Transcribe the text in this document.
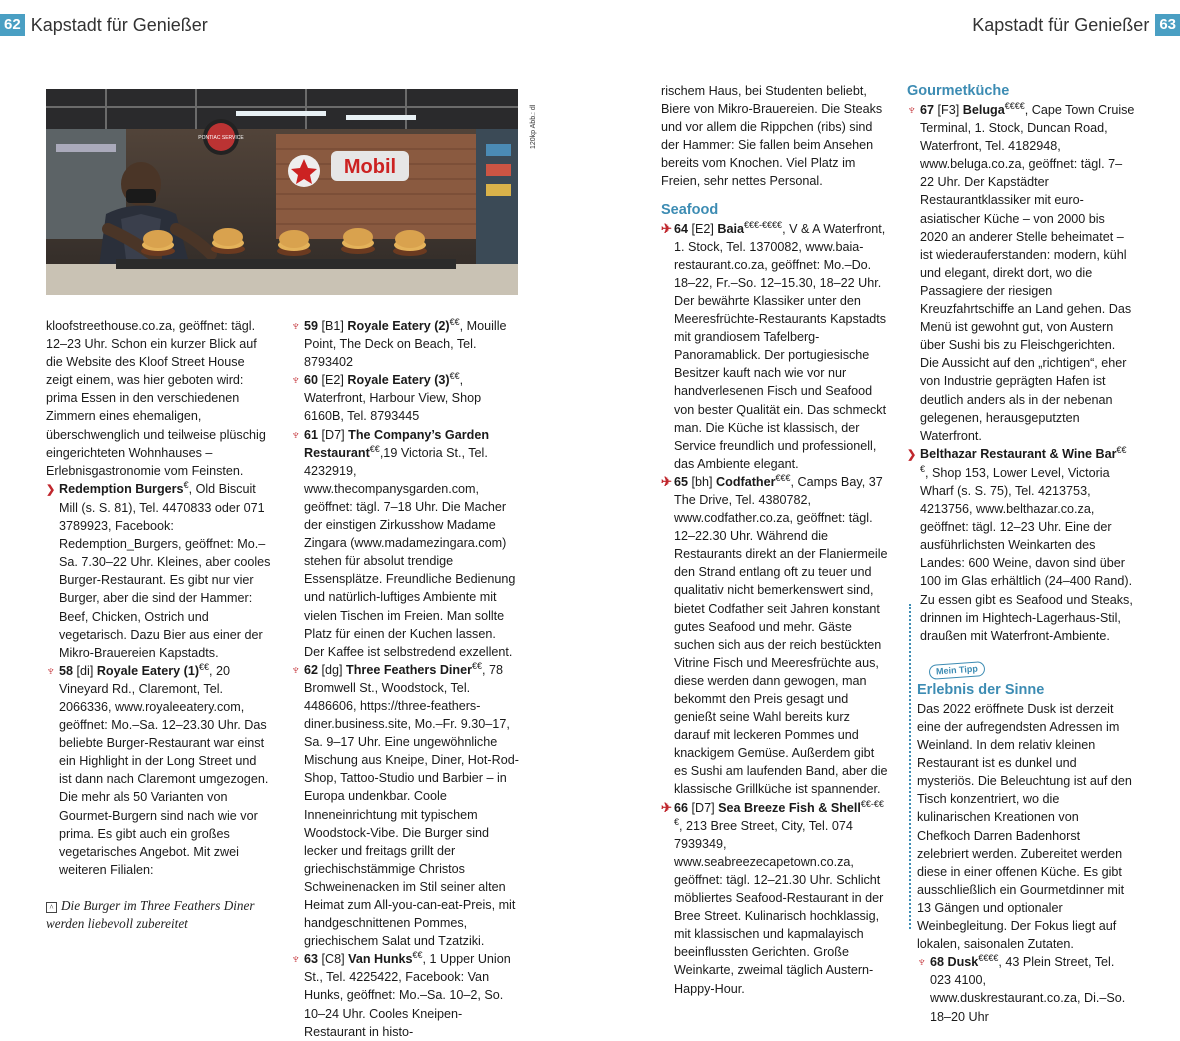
62 Kapstadt für Genießer	Kapstadt für Genießer 63
PONTIAC SERVICE
Mobil
120kp Abb.: dl
^ Die Burger im Three Feathers Diner werden liebevoll zubereitet

kloofstreethouse.co.za, geöffnet: tägl. 12–23 Uhr. Schon ein kurzer Blick auf die Website des Kloof Street House zeigt einem, was hier geboten wird: prima Essen in den verschiedenen Zimmern eines ehemaligen, überschwenglich und teilweise plüschig eingerichteten Wohnhauses – Erlebnisgastronomie vom Feinsten.

❯ Redemption Burgers€, Old Biscuit Mill (s. S. 81), Tel. 4470833 oder 071 3789923, Facebook: Redemption_Burgers, geöffnet: Mo.–Sa. 7.30–22 Uhr. Kleines, aber cooles Burger-Restaurant. Es gibt nur vier Burger, aber die sind der Hammer: Beef, Chicken, Ostrich und vegetarisch. Dazu Bier aus einer der Mikro-Brauereien Kapstadts.

♆ 58 [di] Royale Eatery (1)€€, 20 Vineyard Rd., Claremont, Tel. 2066336, www.royaleeatery.com, geöffnet: Mo.–Sa. 12–23.30 Uhr. Das beliebte Burger-Restaurant war einst ein Highlight in der Long Street und ist dann nach Claremont umgezogen. Die mehr als 50 Varianten von Gourmet-Burgern sind nach wie vor prima. Es gibt auch ein großes vegetarisches Angebot. Mit zwei weiteren Filialen:

♆ 59 [B1] Royale Eatery (2)€€, Mouille Point, The Deck on Beach, Tel. 8793402

♆ 60 [E2] Royale Eatery (3)€€, Waterfront, Harbour View, Shop 6160B, Tel. 8793445

♆ 61 [D7] The Company’s Garden Restaurant€€,19 Victoria St., Tel. 4232919, www.thecompanysgarden.com, geöffnet: tägl. 7–18 Uhr. Die Macher der einstigen Zirkusshow Madame Zingara (www.madamezingara.com) stehen für absolut trendige Essensplätze. Freundliche Bedienung und natürlich-luftiges Ambiente mit vielen Tischen im Freien. Man sollte Platz für einen der Kuchen lassen. Der Kaffee ist selbstredend exzellent.

♆ 62 [dg] Three Feathers Diner€€, 78 Bromwell St., Woodstock, Tel. 4486606, https://three-feathers-diner.business.site, Mo.–Fr. 9.30–17, Sa. 9–17 Uhr. Eine ungewöhnliche Mischung aus Kneipe, Diner, Hot-Rod-Shop, Tattoo-Studio und Barbier – in Europa undenkbar. Coole Inneneinrichtung mit typischem Woodstock-Vibe. Die Burger sind lecker und freitags grillt der griechischstämmige Christos Schweinenacken im Stil seiner alten Heimat zum All-you-can-eat-Preis, mit handgeschnittenen Pommes, griechischem Salat und Tzatziki.

♆ 63 [C8] Van Hunks€€, 1 Upper Union St., Tel. 4225422, Facebook: Van Hunks, geöffnet: Mo.–Sa. 10–2, So. 10–24 Uhr. Cooles Kneipen-Restaurant in histo-

rischem Haus, bei Studenten beliebt, Biere von Mikro-Brauereien. Die Steaks und vor allem die Rippchen (ribs) sind der Hammer: Sie fallen beim Ansehen bereits vom Knochen. Viel Platz im Freien, sehr nettes Personal.

Seafood

✈ 64 [E2] Baia€€€-€€€€, V & A Waterfront, 1. Stock, Tel. 1370082, www.baia-restaurant.co.za, geöffnet: Mo.–Do. 18–22, Fr.–So. 12–15.30, 18–22 Uhr. Der bewährte Klassiker unter den Meeresfrüchte-Restaurants Kapstadts mit grandiosem Tafelberg-Panoramablick. Der portugiesische Besitzer kauft nach wie vor nur handverlesenen Fisch und Seafood von bester Qualität ein. Das schmeckt man. Die Küche ist klassisch, der Service freundlich und professionell, das Ambiente elegant.

✈ 65 [bh] Codfather€€€, Camps Bay, 37 The Drive, Tel. 4380782, www.codfather.co.za, geöffnet: tägl. 12–22.30 Uhr. Während die Restaurants direkt an der Flaniermeile den Strand entlang oft zu teuer und qualitativ nicht bemerkenswert sind, bietet Codfather seit Jahren konstant gutes Seafood und mehr. Gäste suchen sich aus der reich bestückten Vitrine Fisch und Meeresfrüchte aus, diese werden dann gewogen, man bekommt den Preis gesagt und genießt seine Wahl bereits kurz darauf mit leckeren Pommes und knackigem Gemüse. Außerdem gibt es Sushi am laufenden Band, aber die klassische Grillküche ist spannender.

✈ 66 [D7] Sea Breeze Fish & Shell€€-€€€, 213 Bree Street, City, Tel. 074 7939349, www.seabreezecapetown.co.za, geöffnet: tägl. 12–21.30 Uhr. Schlicht möbliertes Seafood-Restaurant in der Bree Street. Kulinarisch hochklassig, mit klassischen und kapmalayisch beeinflussten Gerichten. Große Weinkarte, zweimal täglich Austern-Happy-Hour.

Gourmetküche

♆ 67 [F3] Beluga€€€€, Cape Town Cruise Terminal, 1. Stock, Duncan Road, Waterfront, Tel. 4182948, www.beluga.co.za, geöffnet: tägl. 7–22 Uhr. Der Kapstädter Restaurantklassiker mit euro-asiatischer Küche – von 2000 bis 2020 an anderer Stelle beheimatet – ist wiederauferstanden: modern, kühl und elegant, direkt dort, wo die Passagiere der riesigen Kreuzfahrtschiffe an Land gehen. Das Menü ist gewohnt gut, von Austern über Sushi bis zu Fleischgerichten. Die Aussicht auf den „richtigen“, eher von Industrie geprägten Hafen ist deutlich anders als in der nebenan gelegenen, herausgeputzten Waterfront.

❯ Belthazar Restaurant & Wine Bar€€€, Shop 153, Lower Level, Victoria Wharf (s. S. 75), Tel. 4213753, 4213756, www.belthazar.co.za, geöffnet: tägl. 12–23 Uhr. Eine der ausführlichsten Weinkarten des Landes: 600 Weine, davon sind über 100 im Glas erhältlich (24–400 Rand). Zu essen gibt es Seafood und Steaks, drinnen im Hightech-Lagerhaus-Stil, draußen mit Waterfront-Ambiente.

Mein Tipp
Erlebnis der Sinne

Das 2022 eröffnete Dusk ist derzeit eine der aufregendsten Adressen im Weinland. In dem relativ kleinen Restaurant ist es dunkel und mysteriös. Die Beleuchtung ist auf den Tisch konzentriert, wo die kulinarischen Kreationen von Chefkoch Darren Badenhorst zelebriert werden. Zubereitet werden diese in einer offenen Küche. Es gibt ausschließlich ein Gourmetdinner mit 13 Gängen und optionaler Weinbegleitung. Der Fokus liegt auf lokalen, saisonalen Zutaten.

♆ 68 Dusk€€€€, 43 Plein Street, Tel. 023 4100, www.duskrestaurant.co.za, Di.–So. 18–20 Uhr
